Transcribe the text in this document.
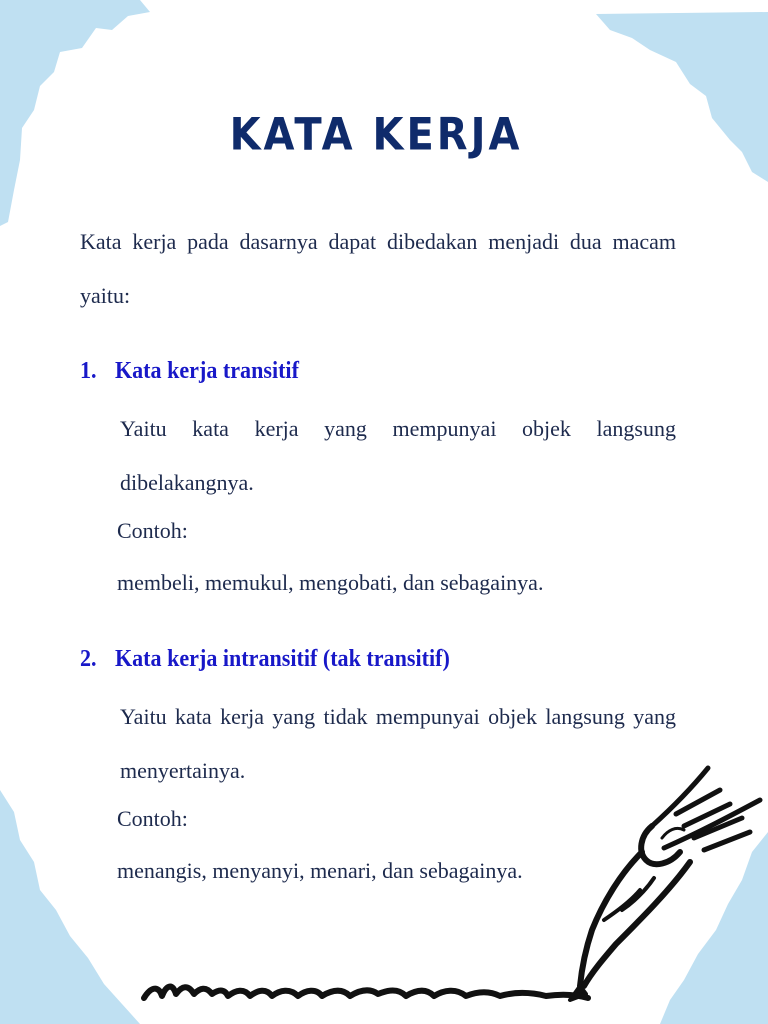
KATA KERJA
Kata kerja pada dasarnya dapat dibedakan menjadi dua macam yaitu:
1. Kata kerja transitif
Yaitu kata kerja yang mempunyai objek langsung dibelakangnya.
Contoh:
membeli, memukul, mengobati, dan sebagainya.
2. Kata kerja intransitif (tak transitif)
Yaitu kata kerja yang tidak mempunyai objek langsung yang menyertainya.
Contoh:
menangis, menyanyi, menari, dan sebagainya.
